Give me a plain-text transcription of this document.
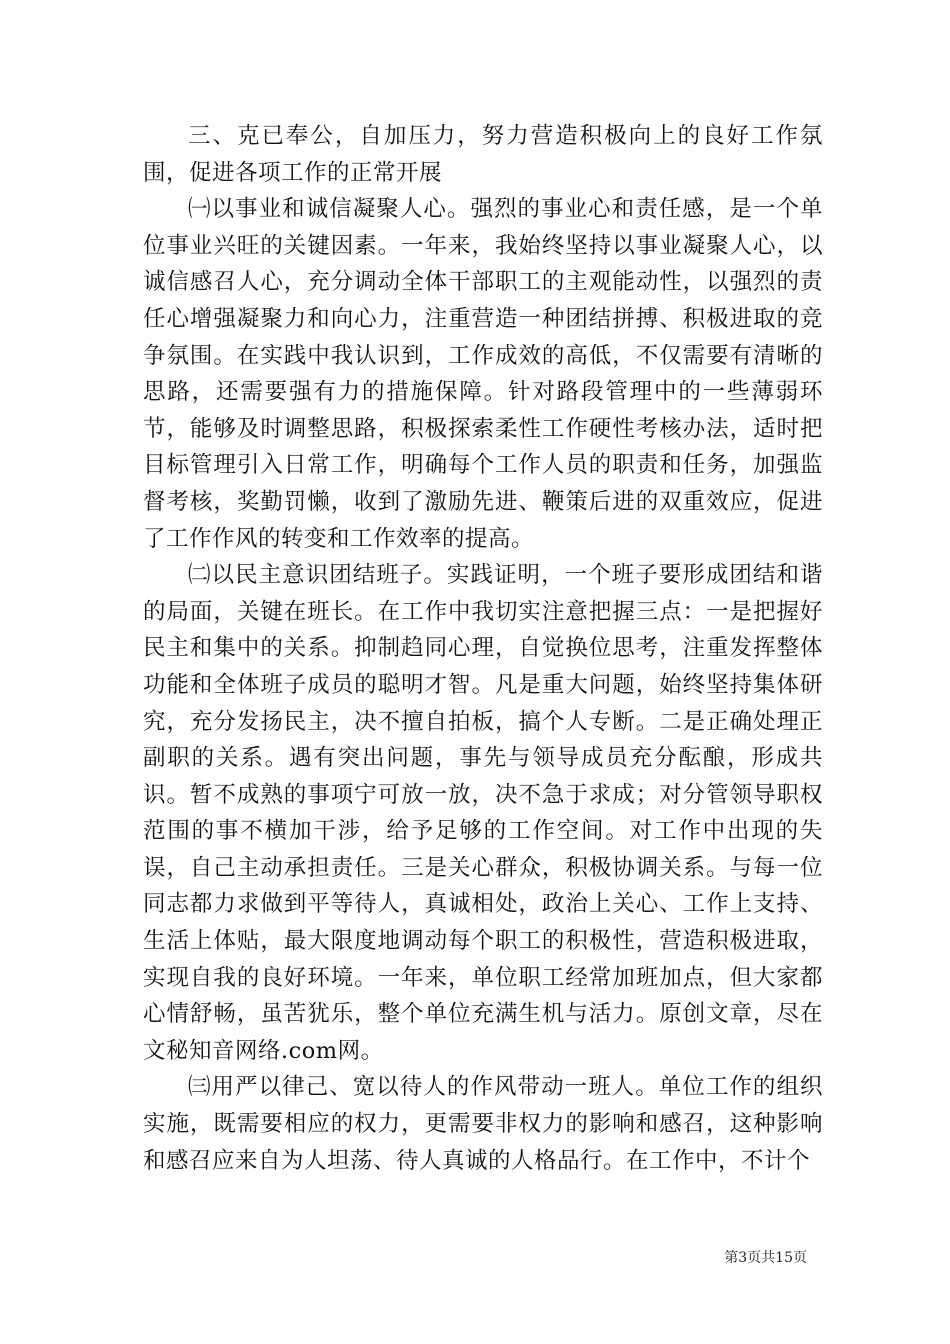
三、克已奉公，自加压力，努力营造积极向上的良好工作氛围，促进各项工作的正常开展

㈠以事业和诚信凝聚人心。强烈的事业心和责任感，是一个单位事业兴旺的关键因素。一年来，我始终坚持以事业凝聚人心，以诚信感召人心，充分调动全体干部职工的主观能动性，以强烈的责任心增强凝聚力和向心力，注重营造一种团结拼搏、积极进取的竞争氛围。在实践中我认识到，工作成效的高低，不仅需要有清晰的思路，还需要强有力的措施保障。针对路段管理中的一些薄弱环节，能够及时调整思路，积极探索柔性工作硬性考核办法，适时把目标管理引入日常工作，明确每个工作人员的职责和任务，加强监督考核，奖勤罚懒，收到了激励先进、鞭策后进的双重效应，促进了工作作风的转变和工作效率的提高。

㈡以民主意识团结班子。实践证明，一个班子要形成团结和谐的局面，关键在班长。在工作中我切实注意把握三点：一是把握好民主和集中的关系。抑制趋同心理，自觉换位思考，注重发挥整体功能和全体班子成员的聪明才智。凡是重大问题，始终坚持集体研究，充分发扬民主，决不擅自拍板，搞个人专断。二是正确处理正副职的关系。遇有突出问题，事先与领导成员充分酝酿，形成共识。暂不成熟的事项宁可放一放，决不急于求成；对分管领导职权范围的事不横加干涉，给予足够的工作空间。对工作中出现的失误，自己主动承担责任。三是关心群众，积极协调关系。与每一位同志都力求做到平等待人，真诚相处，政治上关心、工作上支持、生活上体贴，最大限度地调动每个职工的积极性，营造积极进取，实现自我的良好环境。一年来，单位职工经常加班加点，但大家都心情舒畅，虽苦犹乐，整个单位充满生机与活力。原创文章，尽在文秘知音网络.com网。

㈢用严以律己、宽以待人的作风带动一班人。单位工作的组织实施，既需要相应的权力，更需要非权力的影响和感召，这种影响和感召应来自为人坦荡、待人真诚的人格品行。在工作中，不计个

第3页共15页
